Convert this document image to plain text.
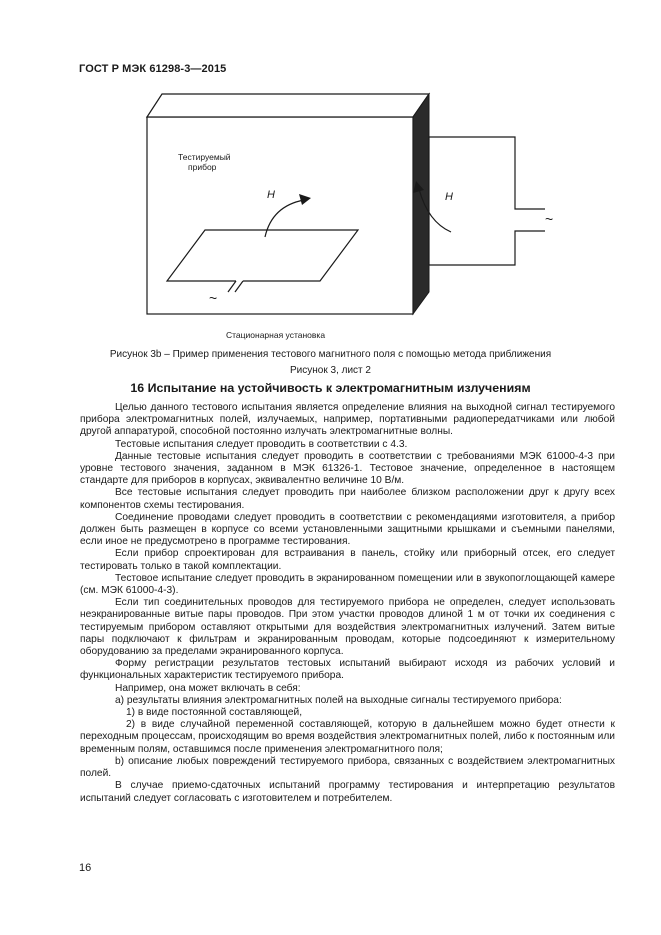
ГОСТ Р МЭК 61298-3—2015
Тестируемый
прибор
H
~
~
H
Стационарная установка
Рисунок 3b – Пример применения тестового магнитного поля с помощью метода приближения
Рисунок 3, лист 2
16 Испытание на устойчивость к электромагнитным излучениям

Целью данного тестового испытания является определение влияния на выходной сигнал тестируемого прибора электромагнитных полей, излучаемых, например, портативными радиопередатчиками или любой другой аппаратурой, способной постоянно излучать электромагнитные волны.

Тестовые испытания следует проводить в соответствии с 4.3.

Данные тестовые испытания следует проводить в соответствии с требованиями МЭК 61000-4-3 при уровне тестового значения, заданном в МЭК 61326-1. Тестовое значение, определенное в настоящем стандарте для приборов в корпусах, эквивалентно величине 10 В/м.

Все тестовые испытания следует проводить при наиболее близком расположении друг к другу всех компонентов схемы тестирования.

Соединение проводами следует проводить в соответствии с рекомендациями изготовителя, а прибор должен быть размещен в корпусе со всеми установленными защитными крышками и съемными панелями, если иное не предусмотрено в программе тестирования.

Если прибор спроектирован для встраивания в панель, стойку или приборный отсек, его следует тестировать только в такой комплектации.

Тестовое испытание следует проводить в экранированном помещении или в звукопоглощающей камере (см. МЭК 61000-4-3).

Если тип соединительных проводов для тестируемого прибора не определен, следует использовать неэкранированные витые пары проводов. При этом участки проводов длиной 1 м от точки их соединения с тестируемым прибором оставляют открытыми для воздействия электромагнитных излучений. Затем витые пары подключают к фильтрам и экранированным проводам, которые подсоединяют к измерительному оборудованию за пределами экранированного корпуса.

Форму регистрации результатов тестовых испытаний выбирают исходя из рабочих условий и функциональных характеристик тестируемого прибора.

Например, она может включать в себя:

а) результаты влияния электромагнитных полей на выходные сигналы тестируемого прибора:

1) в виде постоянной составляющей,

2) в виде случайной переменной составляющей, которую в дальнейшем можно будет отнести к переходным процессам, происходящим во время воздействия электромагнитных полей, либо к постоянным или временным полям, оставшимся после применения электромагнитного поля;

b) описание любых повреждений тестируемого прибора, связанных с воздействием электромагнитных полей.

В случае приемо-сдаточных испытаний программу тестирования и интерпретацию результатов испытаний следует согласовать с изготовителем и потребителем.

16
